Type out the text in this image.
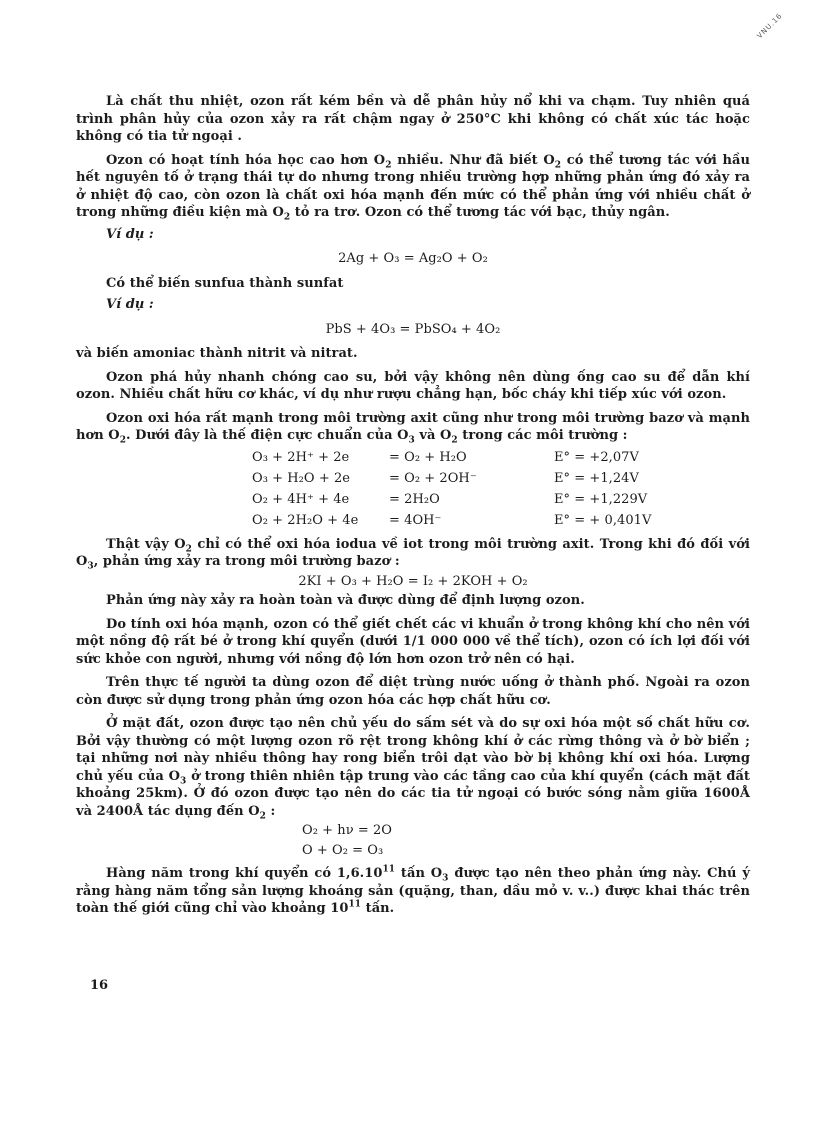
VNU.16

Là chất thu nhiệt, ozon rất kém bền và dễ phân hủy nổ khi va chạm. Tuy nhiên quá trình phân hủy của ozon xảy ra rất chậm ngay ở 250°C khi không có chất xúc tác hoặc không có tia tử ngoại .

Ozon có hoạt tính hóa học cao hơn $O_2$ nhiều. Như đã biết $O_2$ có thể tương tác với hầu hết nguyên tố ở trạng thái tự do nhưng trong nhiều trường hợp những phản ứng đó xảy ra ở nhiệt độ cao, còn ozon là chất oxi hóa mạnh đến mức có thể phản ứng với nhiều chất ở trong những điều kiện mà $O_2$ tỏ ra trơ. Ozon có thể tương tác với bạc, thủy ngân.

Ví dụ :
2Ag + O₃ = Ag₂O + O₂

Có thể biến sunfua thành sunfat

Ví dụ :
PbS + 4O₃ = PbSO₄ + 4O₂

và biến amoniac thành nitrit và nitrat.

Ozon phá hủy nhanh chóng cao su, bởi vậy không nên dùng ống cao su để dẫn khí ozon. Nhiều chất hữu cơ khác, ví dụ như rượu chẳng hạn, bốc cháy khi tiếp xúc với ozon.

Ozon oxi hóa rất mạnh trong môi trường axit cũng như trong môi trường bazơ và mạnh hơn $O_2$. Dưới đây là thế điện cực chuẩn của $O_3$ và $O_2$ trong các môi trường :

O₃ + 2H⁺ + 2e	= O₂ + H₂O	E° = +2,07V
O₃ + H₂O + 2e	= O₂ + 2OH⁻	E° = +1,24V
O₂ + 4H⁺ + 4e	= 2H₂O	E° = +1,229V
O₂ + 2H₂O + 4e	= 4OH⁻	E° = + 0,401V

Thật vậy $O_2$ chỉ có thể oxi hóa iodua về iot trong môi trường axit. Trong khi đó đối với $O_3$, phản ứng xảy ra trong môi trường bazơ :

2KI + O₃ + H₂O = I₂ + 2KOH + O₂

Phản ứng này xảy ra hoàn toàn và được dùng để định lượng ozon.

Do tính oxi hóa mạnh, ozon có thể giết chết các vi khuẩn ở trong không khí cho nên với một nồng độ rất bé ở trong khí quyển (dưới 1/1 000 000 về thể tích), ozon có ích lợi đối với sức khỏe con người, nhưng với nồng độ lớn hơn ozon trở nên có hại.

Trên thực tế người ta dùng ozon để diệt trùng nước uống ở thành phố. Ngoài ra ozon còn được sử dụng trong phản ứng ozon hóa các hợp chất hữu cơ.

Ở mặt đất, ozon được tạo nên chủ yếu do sấm sét và do sự oxi hóa một số chất hữu cơ. Bởi vậy thường có một lượng ozon rõ rệt trong không khí ở các rừng thông và ở bờ biển ; tại những nơi này nhiều thông hay rong biển trôi dạt vào bờ bị không khí oxi hóa. Lượng chủ yếu của $O_3$ ở trong thiên nhiên tập trung vào các tầng cao của khí quyển (cách mặt đất khoảng 25km). Ở đó ozon được tạo nên do các tia tử ngoại có bước sóng nằm giữa 1600Å và 2400Å tác dụng đến $O_2$ :

O₂ + hν = 2O
O + O₂ = O₃

Hàng năm trong khí quyển có 1,6.10$^{11}$ tấn $O_3$ được tạo nên theo phản ứng này. Chú ý rằng hàng năm tổng sản lượng khoáng sản (quặng, than, dầu mỏ v. v..) được khai thác trên toàn thế giới cũng chỉ vào khoảng $10^{11}$ tấn.

16
